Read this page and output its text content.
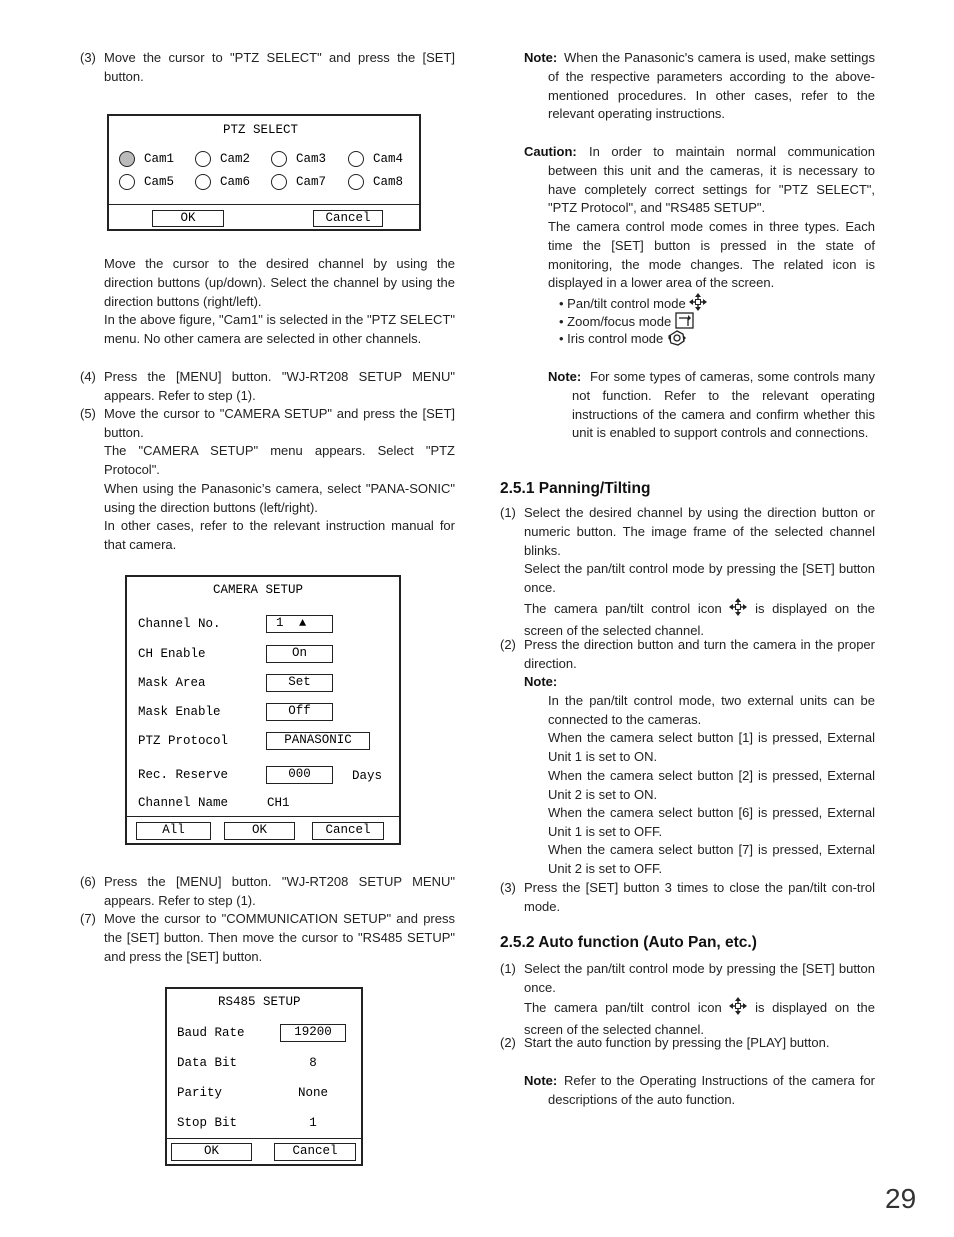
(3) Move the cursor to "PTZ SELECT" and press the [SET] button.
PTZ SELECT
Cam1	Cam2	Cam3	Cam4
Cam5	Cam6	Cam7	Cam8
OK	Cancel
Move the cursor to the desired channel by using the direction buttons (up/down). Select the channel by using the direction buttons (right/left).
In the above figure, "Cam1" is selected in the "PTZ SELECT" menu. No other camera are selected in other channels.
(4) Press the [MENU] button. "WJ-RT208 SETUP MENU" appears. Refer to step (1).
(5) Move the cursor to "CAMERA SETUP" and press the [SET] button.
The "CAMERA SETUP" menu appears. Select "PTZ Protocol".
When using the Panasonic’s camera, select "PANA-SONIC" using the direction buttons (left/right).
In other cases, refer to the relevant instruction manual for that camera.
CAMERA SETUP
Channel No.	1 ▲
CH Enable	On
Mask Area	Set
Mask Enable	Off
PTZ Protocol	PANASONIC
Rec. Reserve	000	Days
Channel Name	CH1
All	OK	Cancel
(6) Press the [MENU] button. "WJ-RT208 SETUP MENU" appears. Refer to step (1).
(7) Move the cursor to "COMMUNICATION SETUP" and press the [SET] button. Then move the cursor to "RS485 SETUP" and press the [SET] button.
RS485 SETUP
Baud Rate	19200
Data Bit	8
Parity	None
Stop Bit	1
OK	Cancel
Note: When the Panasonic's camera is used, make settings of the respective parameters according to the above-mentioned procedures. In other cases, refer to the relevant operating instructions.
Caution: In order to maintain normal communication between this unit and the cameras, it is necessary to have completely correct settings for "PTZ SELECT", "PTZ Protocol", and "RS485 SETUP".
The camera control mode comes in three types. Each time the [SET] button is pressed in the state of monitoring, the mode changes. The related icon is displayed in a lower area of the screen.
• Pan/tilt control mode
• Zoom/focus mode
• Iris control mode
Note: For some types of cameras, some controls many not function. Refer to the relevant operating instructions of the camera and confirm whether this unit is enabled to support controls and connections.
2.5.1 Panning/Tilting
(1) Select the desired channel by using the direction button or numeric button. The image frame of the selected channel blinks.
Select the pan/tilt control mode by pressing the [SET] button once.
The camera pan/tilt control icon	is displayed on the screen of the selected channel.
(2) Press the direction button and turn the camera in the proper direction.
Note:
In the pan/tilt control mode, two external units can be connected to the cameras.
When the camera select button [1] is pressed, External Unit 1 is set to ON.
When the camera select button [2] is pressed, External Unit 2 is set to ON.
When the camera select button [6] is pressed, External Unit 1 is set to OFF.
When the camera select button [7] is pressed, External Unit 2 is set to OFF.
(3) Press the [SET] button 3 times to close the pan/tilt con-trol mode.
2.5.2 Auto function (Auto Pan, etc.)
(1) Select the pan/tilt control mode by pressing the [SET] button once.
The camera pan/tilt control icon	is displayed on the screen of the selected channel.
(2) Start the auto function by pressing the [PLAY] button.
Note: Refer to the Operating Instructions of the camera for descriptions of the auto function.
29
